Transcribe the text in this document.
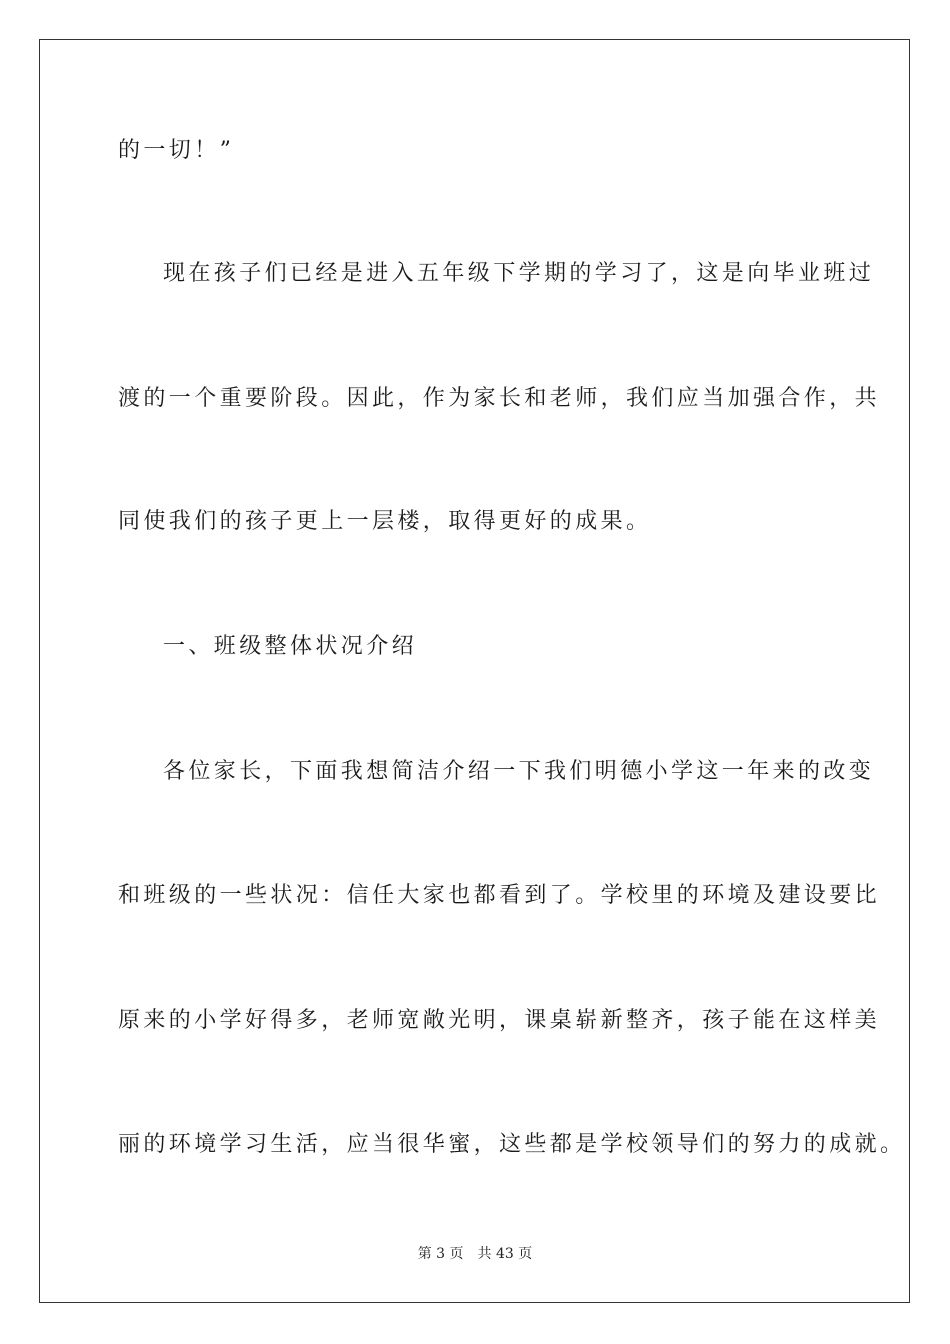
的一切！”
现在孩子们已经是进入五年级下学期的学习了，这是向毕业班过
渡的一个重要阶段。因此，作为家长和老师，我们应当加强合作，共
同使我们的孩子更上一层楼，取得更好的成果。
一、班级整体状况介绍
各位家长，下面我想简洁介绍一下我们明德小学这一年来的改变
和班级的一些状况：信任大家也都看到了。学校里的环境及建设要比
原来的小学好得多，老师宽敞光明，课桌崭新整齐，孩子能在这样美
丽的环境学习生活，应当很华蜜，这些都是学校领导们的努力的成就。
第 3 页 共 43 页
